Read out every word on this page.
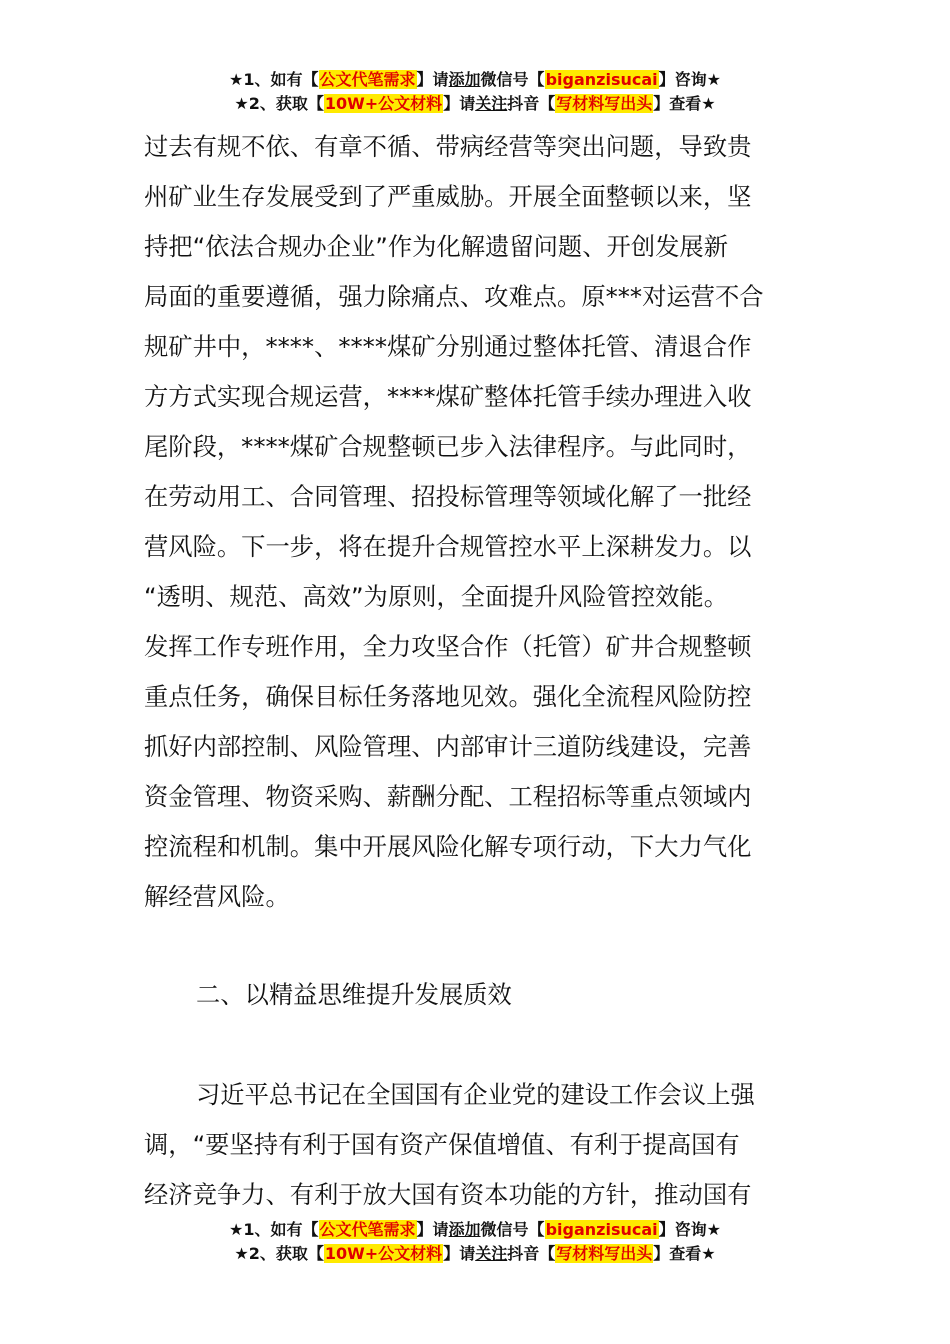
★1、如有【公文代笔需求】请添加微信号【biganzisucai】咨询★
★2、获取【10W+公文材料】请关注抖音【写材料写出头】查看★
过去有规不依、有章不循、带病经营等突出问题，导致贵
州矿业生存发展受到了严重威胁。开展全面整顿以来，坚
持把“依法合规办企业”作为化解遗留问题、开创发展新
局面的重要遵循，强力除痛点、攻难点。原***对运营不合
规矿井中，****、****煤矿分别通过整体托管、清退合作
方方式实现合规运营，****煤矿整体托管手续办理进入收
尾阶段，****煤矿合规整顿已步入法律程序。与此同时，
在劳动用工、合同管理、招投标管理等领域化解了一批经
营风险。下一步，将在提升合规管控水平上深耕发力。以
“透明、规范、高效”为原则，全面提升风险管控效能。
发挥工作专班作用，全力攻坚合作（托管）矿井合规整顿
重点任务，确保目标任务落地见效。强化全流程风险防控
抓好内部控制、风险管理、内部审计三道防线建设，完善
资金管理、物资采购、薪酬分配、工程招标等重点领域内
控流程和机制。集中开展风险化解专项行动，下大力气化
解经营风险。
二、以精益思维提升发展质效
习近平总书记在全国国有企业党的建设工作会议上强
调，“要坚持有利于国有资产保值增值、有利于提高国有
经济竞争力、有利于放大国有资本功能的方针，推动国有
★1、如有【公文代笔需求】请添加微信号【biganzisucai】咨询★
★2、获取【10W+公文材料】请关注抖音【写材料写出头】查看★
